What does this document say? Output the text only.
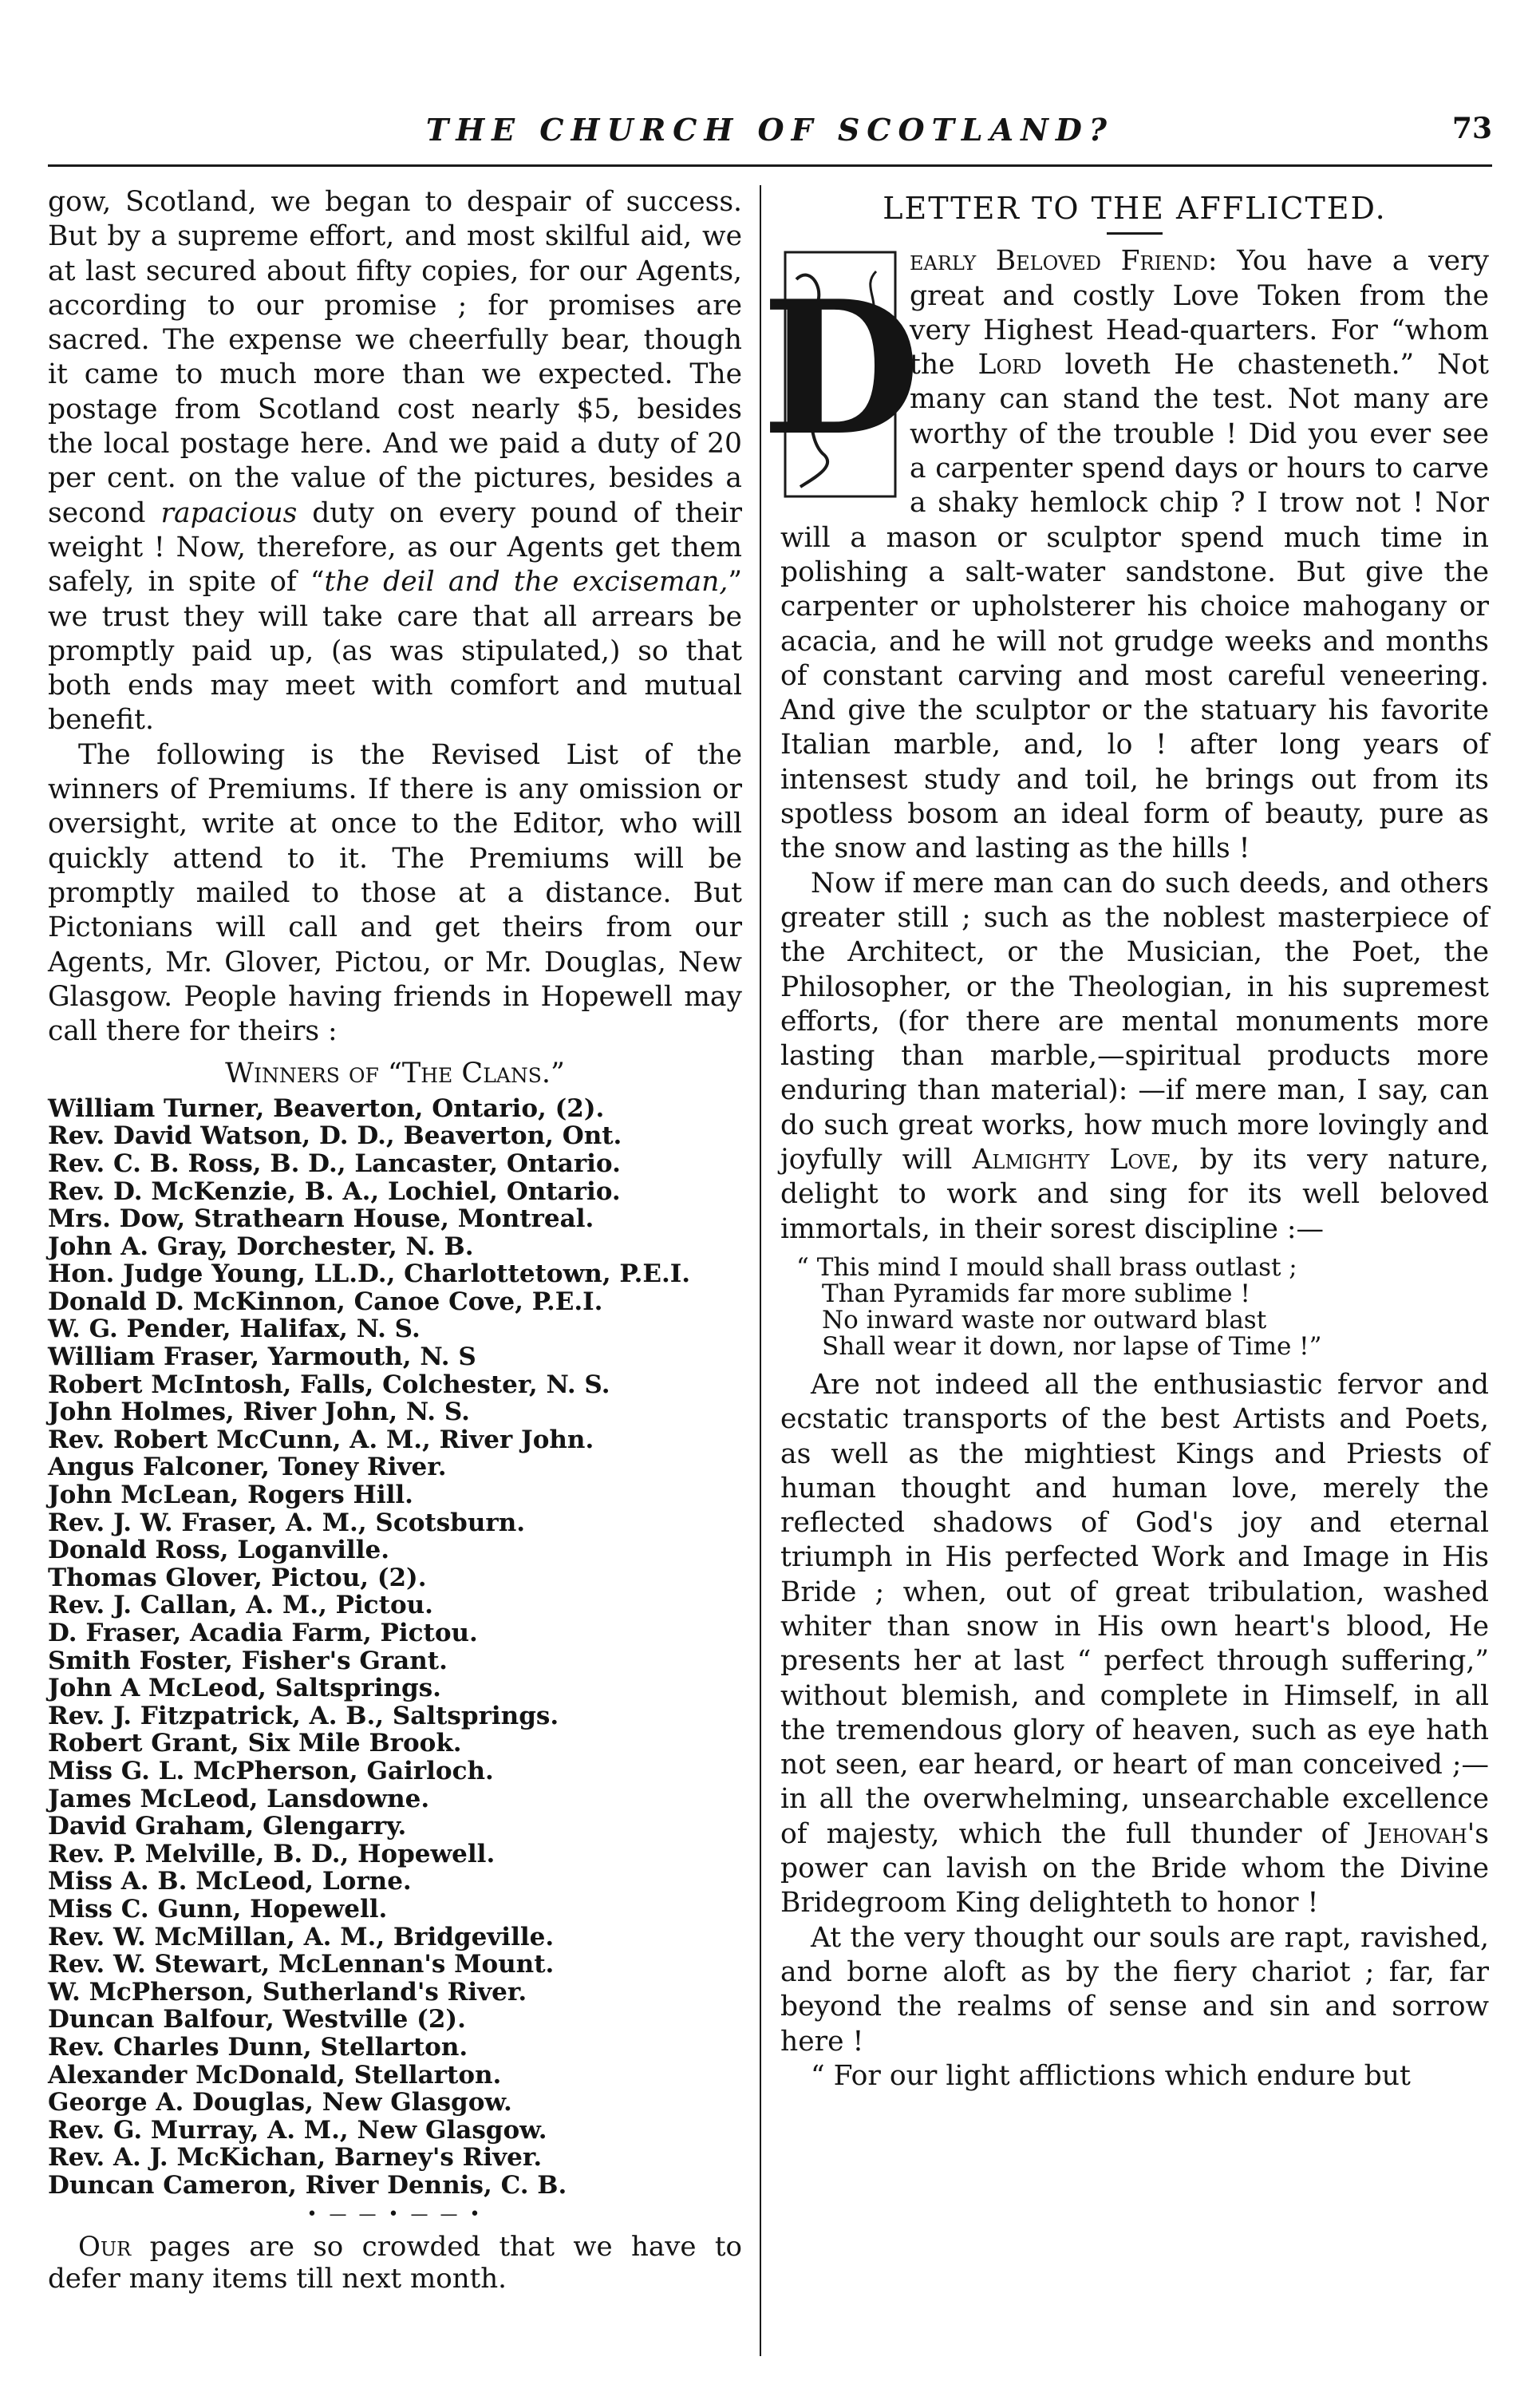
THE CHURCH OF SCOTLAND?	73

gow, Scotland, we began to despair of success. But by a supreme effort, and most skilful aid, we at last secured about fifty copies, for our Agents, according to our promise ; for promises are sacred. The expense we cheerfully bear, though it came to much more than we expected. The postage from Scotland cost nearly $5, besides the local postage here. And we paid a duty of 20 per cent. on the value of the pictures, besides a second rapacious duty on every pound of their weight ! Now, therefore, as our Agents get them safely, in spite of “the deil and the exciseman,” we trust they will take care that all arrears be promptly paid up, (as was stipulated,) so that both ends may meet with comfort and mutual benefit.

The following is the Revised List of the winners of Premiums. If there is any omission or oversight, write at once to the Editor, who will quickly attend to it. The Premiums will be promptly mailed to those at a distance. But Pictonians will call and get theirs from our Agents, Mr. Glover, Pictou, or Mr. Douglas, New Glasgow. People having friends in Hopewell may call there for theirs :

Winners of “The Clans.”
William Turner, Beaverton, Ontario, (2).
Rev. David Watson, D. D., Beaverton, Ont.
Rev. C. B. Ross, B. D., Lancaster, Ontario.
Rev. D. McKenzie, B. A., Lochiel, Ontario.
Mrs. Dow, Strathearn House, Montreal.
John A. Gray, Dorchester, N. B.
Hon. Judge Young, LL.D., Charlottetown, P.E.I.
Donald D. McKinnon, Canoe Cove, P.E.I.
W. G. Pender, Halifax, N. S.
William Fraser, Yarmouth, N. S
Robert McIntosh, Falls, Colchester, N. S.
John Holmes, River John, N. S.
Rev. Robert McCunn, A. M., River John.
Angus Falconer, Toney River.
John McLean, Rogers Hill.
Rev. J. W. Fraser, A. M., Scotsburn.
Donald Ross, Loganville.
Thomas Glover, Pictou, (2).
Rev. J. Callan, A. M., Pictou.
D. Fraser, Acadia Farm, Pictou.
Smith Foster, Fisher's Grant.
John A McLeod, Saltsprings.
Rev. J. Fitzpatrick, A. B., Saltsprings.
Robert Grant, Six Mile Brook.
Miss G. L. McPherson, Gairloch.
James McLeod, Lansdowne.
David Graham, Glengarry.
Rev. P. Melville, B. D., Hopewell.
Miss A. B. McLeod, Lorne.
Miss C. Gunn, Hopewell.
Rev. W. McMillan, A. M., Bridgeville.
Rev. W. Stewart, McLennan's Mount.
W. McPherson, Sutherland's River.
Duncan Balfour, Westville (2).
Rev. Charles Dunn, Stellarton.
Alexander McDonald, Stellarton.
George A. Douglas, New Glasgow.
Rev. G. Murray, A. M., New Glasgow.
Rev. A. J. McKichan, Barney's River.
Duncan Cameron, River Dennis, C. B.
• — — • — — •

Our pages are so crowded that we have to defer many items till next month.

LETTER TO THE AFFLICTED.

D
early Beloved Friend: You have a very great and costly Love Token from the very Highest Head-quarters. For “whom the Lord loveth He chasteneth.” Not many can stand the test. Not many are worthy of the trouble ! Did you ever see a carpenter spend days or hours to carve a shaky hemlock chip ? I trow not ! Nor will a mason or sculptor spend much time in polishing a salt-water sandstone. But give the carpenter or upholsterer his choice mahogany or acacia, and he will not grudge weeks and months of constant carving and most careful veneering. And give the sculptor or the statuary his favorite Italian marble, and, lo ! after long years of intensest study and toil, he brings out from its spotless bosom an ideal form of beauty, pure as the snow and lasting as the hills !

Now if mere man can do such deeds, and others greater still ; such as the noblest masterpiece of the Architect, or the Musician, the Poet, the Philosopher, or the Theologian, in his supremest efforts, (for there are mental monuments more lasting than marble,—spiritual products more enduring than material): —if mere man, I say, can do such great works, how much more lovingly and joyfully will Almighty Love, by its very nature, delight to work and sing for its well beloved immortals, in their sorest discipline :—

“ This mind I mould shall brass outlast ;
Than Pyramids far more sublime !
No inward waste nor outward blast
Shall wear it down, nor lapse of Time !”

Are not indeed all the enthusiastic fervor and ecstatic transports of the best Artists and Poets, as well as the mightiest Kings and Priests of human thought and human love, merely the reflected shadows of God's joy and eternal triumph in His perfected Work and Image in His Bride ; when, out of great tribulation, washed whiter than snow in His own heart's blood, He presents her at last “ perfect through suffering,” without blemish, and complete in Himself, in all the tremendous glory of heaven, such as eye hath not seen, ear heard, or heart of man conceived ;—in all the overwhelming, unsearchable excellence of majesty, which the full thunder of Jehovah's power can lavish on the Bride whom the Divine Bridegroom King delighteth to honor !

At the very thought our souls are rapt, ravished, and borne aloft as by the fiery chariot ; far, far beyond the realms of sense and sin and sorrow here !

“ For our light afflictions which endure but
